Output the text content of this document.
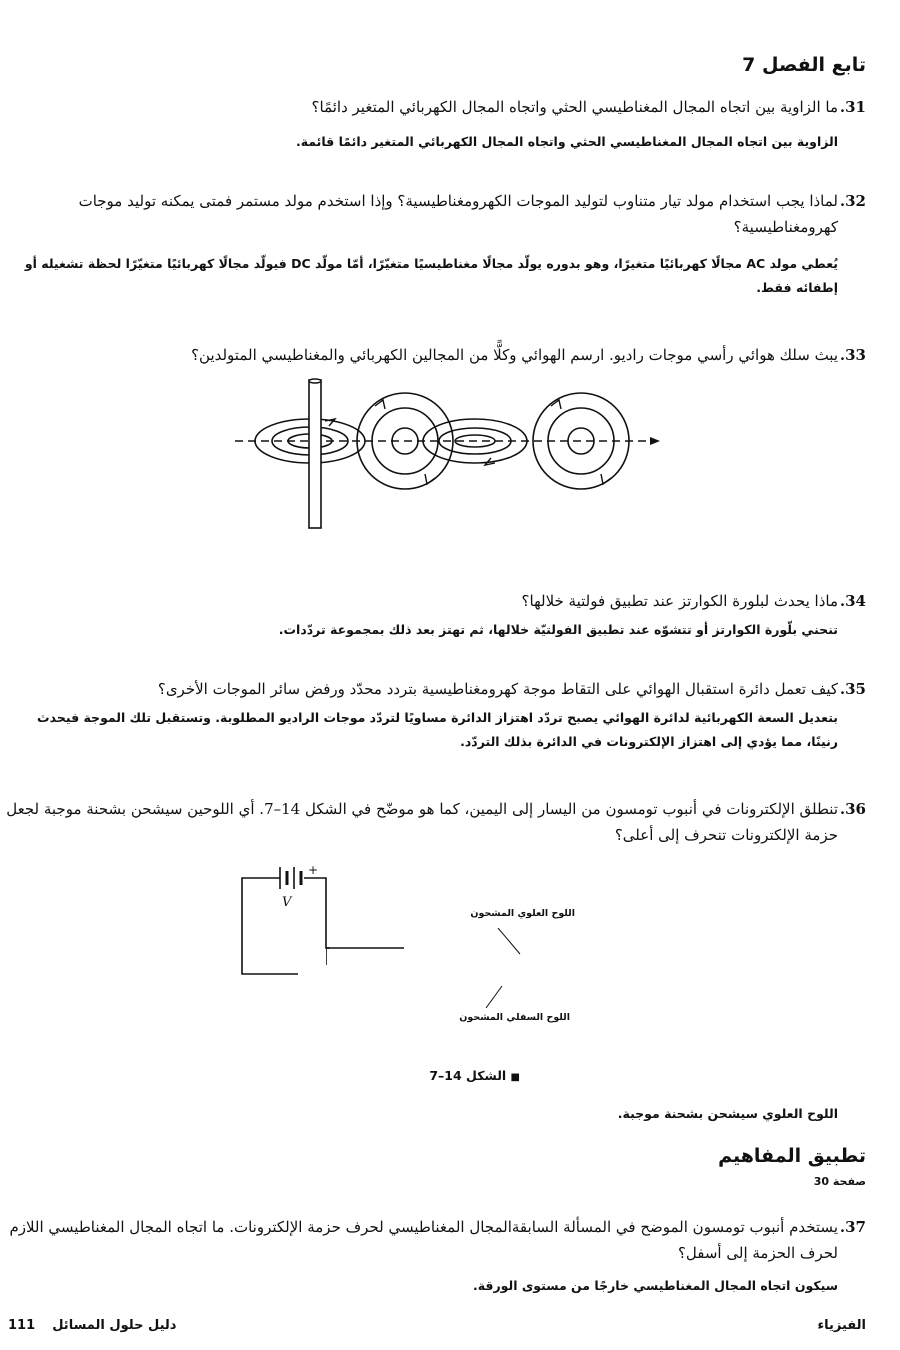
تابع الفصل 7
.31
ما الزاوية بين اتجاه المجال المغناطيسي الحثي واتجاه المجال الكهربائي المتغير دائمًا؟
الزاوية بين اتجاه المجال المغناطيسي الحثي واتجاه المجال الكهربائي المتغير دائمًا قائمة.
.32
لماذا يجب استخدام مولد تيار متناوب لتوليد الموجات الكهرومغناطيسية؟ وإذا استخدم مولد مستمر فمتى يمكنه توليد موجات كهرومغناطيسية؟
يُعطي مولد AC مجالًا كهربائيًا متغيرًا، وهو بدوره يولّد مجالًا مغناطيسيًا متغيّرًا، أمّا مولّد DC فيولّد مجالًا كهربائيًا متغيّرًا لحظة تشغيله أو إطفائه فقط.
.33
يبث سلك هوائي رأسي موجات راديو. ارسم الهوائي وكلًّا من المجالين الكهربائي والمغناطيسي المتولدين؟
.34
ماذا يحدث لبلورة الكوارتز عند تطبيق فولتية خلالها؟
تنحني بلّورة الكوارتز أو تتشوّه عند تطبيق الفولتيّة خلالها، ثم تهتز بعد ذلك بمجموعة تردّدات.
.35
كيف تعمل دائرة استقبال الهوائي على التقاط موجة كهرومغناطيسية بتردد محدّد ورفض سائر الموجات الأخرى؟
بتعديل السعة الكهربائية لدائرة الهوائي يصبح تردّد اهتزاز الدائرة مساويًا لتردّد موجات الراديو المطلوبة. وتستقبل تلك الموجة فيحدث رنينًا، مما يؤدي إلى اهتزاز الإلكترونات في الدائرة بذلك التردّد.
.36
تنطلق الإلكترونات في أنبوب تومسون من اليسار إلى اليمين، كما هو موضّح في الشكل 14–7. أي اللوحين سيشحن بشحنة موجبة لجعل حزمة الإلكترونات تنحرف إلى أعلى؟
+
V
اللوح العلوي المشحون
اللوح السفلي المشحون
■ الشكل 14–7
اللوح العلوي سيشحن بشحنة موجبة.
تطبيق المفاهيم
صفحة 30
.37
يستخدم أنبوب تومسون الموضح في المسألة السابقةالمجال المغناطيسي لحرف حزمة الإلكترونات. ما اتجاه المجال المغناطيسي اللازم لحرف الحزمة إلى أسفل؟
سيكون اتجاه المجال المغناطيسي خارجًا من مستوى الورقة.
الفيزياء
111 دليل حلول المسائل
